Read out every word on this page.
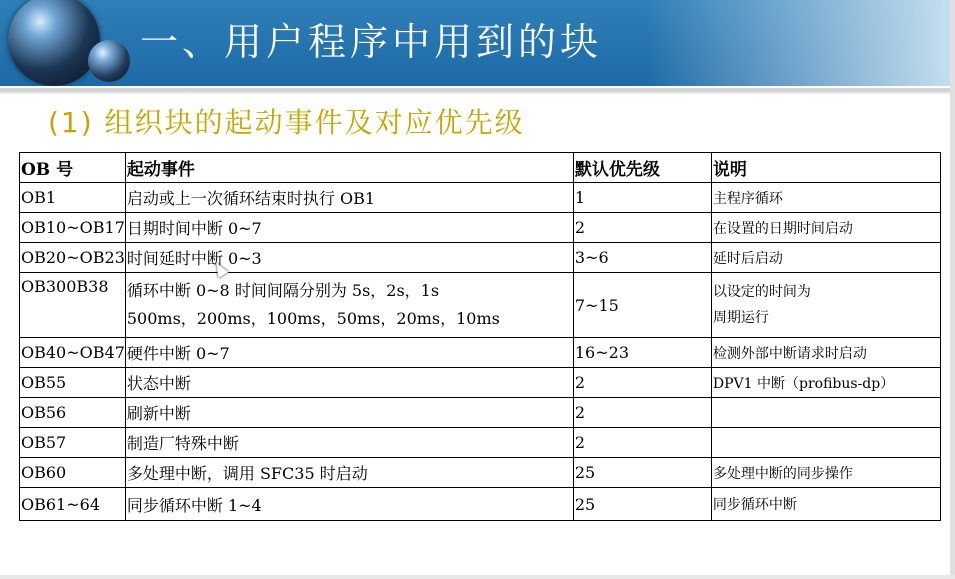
一、用户程序中用到的块
(1) 组织块的起动事件及对应优先级
OB 号	起动事件	默认优先级	说明
OB1	启动或上一次循环结束时执行 OB1	1	主程序循环
OB10~OB17	日期时间中断 0~7	2	在设置的日期时间启动
OB20~OB23	时间延时中断 0~3	3~6	延时后启动
OB300B38	循环中断 0~8 时间间隔分别为 5s，2s，1s
500ms，200ms，100ms，50ms，20ms，10ms	7~15	以设定的时间为
周期运行

OB40~OB47	硬件中断 0~7	16~23	检测外部中断请求时启动
OB55	状态中断	2	DPV1 中断（profibus-dp）
OB56	刷新中断	2	
OB57	制造厂特殊中断	2	
OB60	多处理中断，调用 SFC35 时启动	25	多处理中断的同步操作
OB61~64	同步循环中断 1~4	25	同步循环中断
